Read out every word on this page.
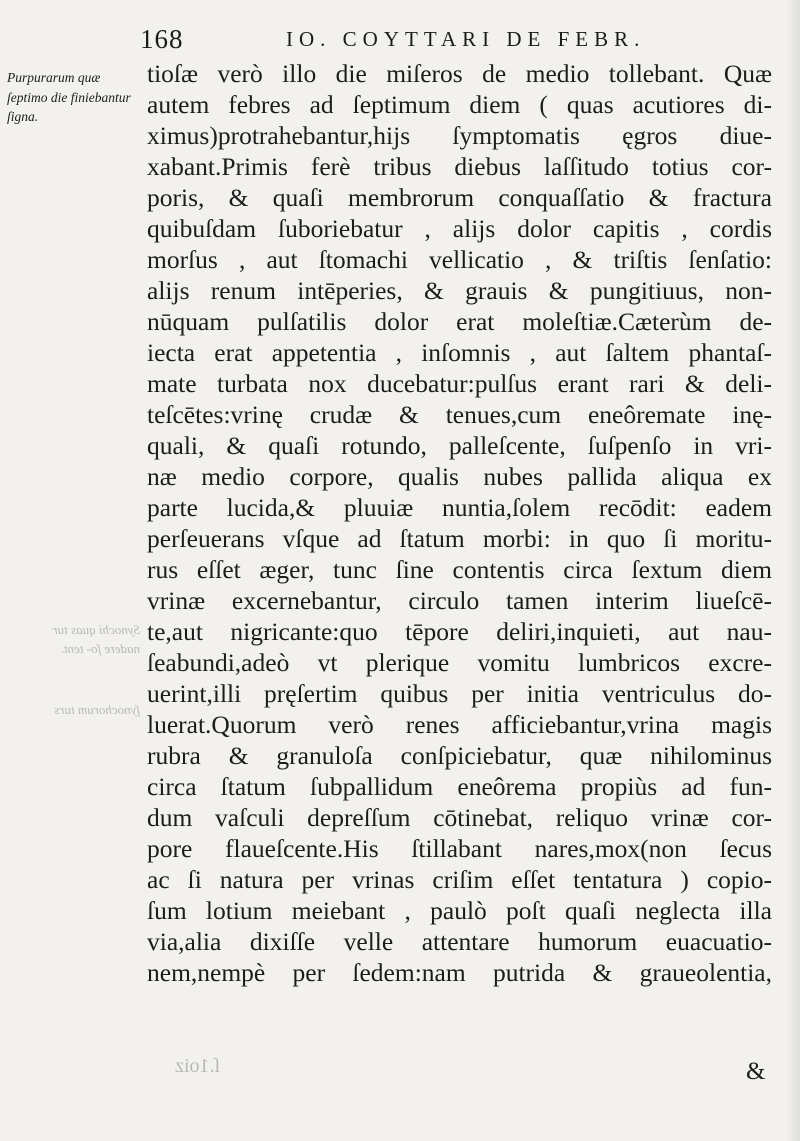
168	IO. COYTTARI DE FEBR.
Purpurarum quæ ſeptimo die finiebantur ſigna.
Synochi quas tur nadere ſo- tent.
ſynochorum turs
ſ.1oiz
tioſæ verò illo die miſeros de medio tollebant. Quæ
autem febres ad ſeptimum diem ( quas acutiores di-
ximus)protrahebantur,hijs ſymptomatis ęgros diue-
xabant.Primis ferè tribus diebus laſſitudo totius cor-
poris, & quaſi membrorum conquaſſatio & fractura
quibuſdam ſuboriebatur , alijs dolor capitis , cordis
morſus , aut ſtomachi vellicatio , & triſtis ſenſatio:
alijs renum intēperies, & grauis & pungitiuus, non-
nūquam pulſatilis dolor erat moleſtiæ.Cæterùm de-
iecta erat appetentia , inſomnis , aut ſaltem phantaſ-
mate turbata nox ducebatur:pulſus erant rari & deli-
teſcētes:vrinę crudæ & tenues,cum eneôremate inę-
quali, & quaſi rotundo, palleſcente, ſuſpenſo in vri-
næ medio corpore, qualis nubes pallida aliqua ex
parte lucida,& pluuiæ nuntia,ſolem recōdit: eadem
perſeuerans vſque ad ſtatum morbi: in quo ſi moritu-
rus eſſet æger, tunc ſine contentis circa ſextum diem
vrinæ excernebantur, circulo tamen interim liueſcē-
te,aut nigricante:quo tēpore deliri,inquieti, aut nau-
ſeabundi,adeò vt plerique vomitu lumbricos excre-
uerint,illi pręſertim quibus per initia ventriculus do-
luerat.Quorum verò renes afficiebantur,vrina magis
rubra & granuloſa conſpiciebatur, quæ nihilominus
circa ſtatum ſubpallidum eneôrema propiùs ad fun-
dum vaſculi depreſſum cōtinebat, reliquo vrinæ cor-
pore flaueſcente.His ſtillabant nares,mox(non ſecus
ac ſi natura per vrinas criſim eſſet tentatura ) copio-
ſum lotium meiebant , paulò poſt quaſi neglecta illa
via,alia dixiſſe velle attentare humorum euacuatio-
nem,nempè per ſedem:nam putrida & graueolentia,
&
